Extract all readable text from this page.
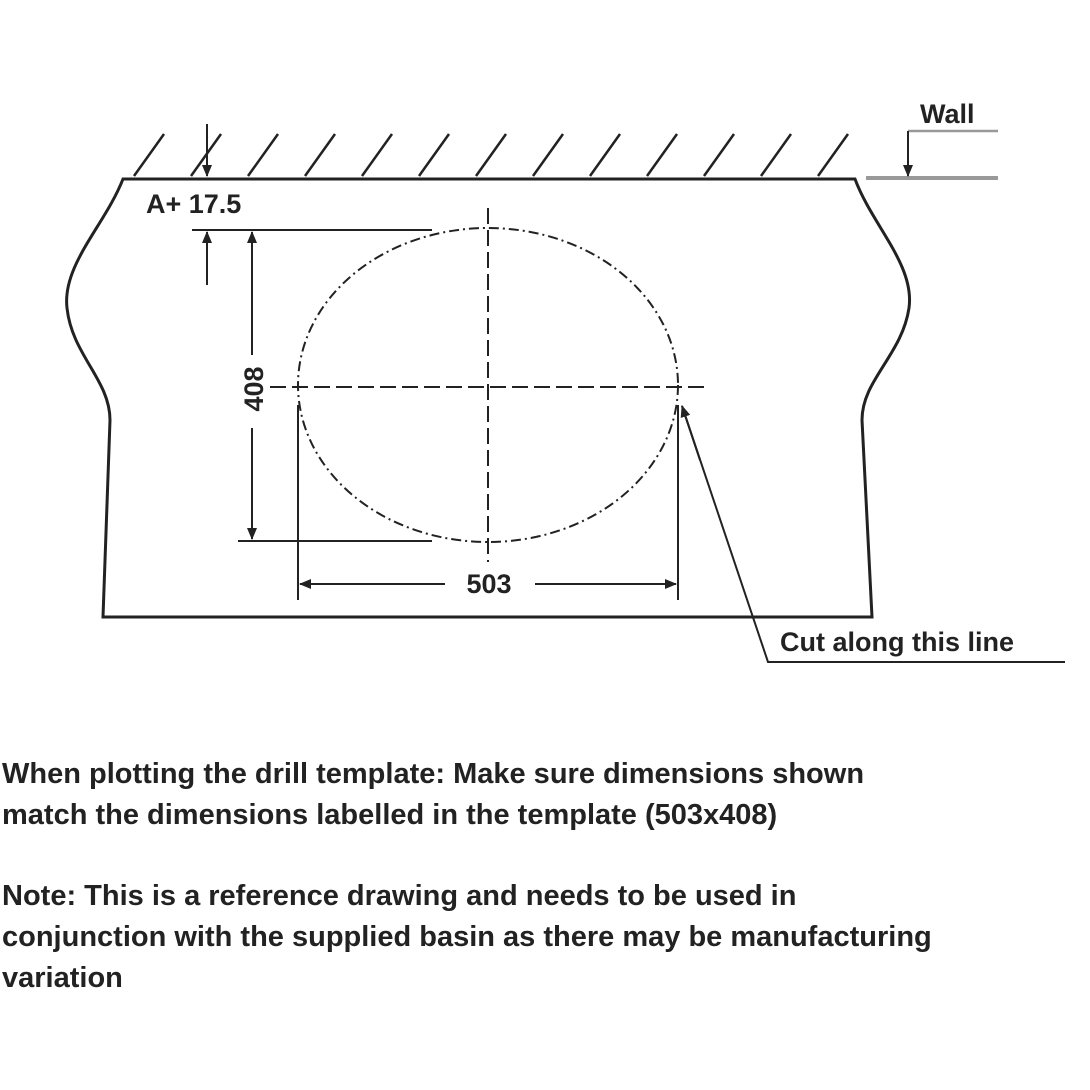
Wall
A+ 17.5
408
503
Cut along this line

When plotting the drill template: Make sure dimensions shown
match the dimensions labelled in the template (503x408)

Note: This is a reference drawing and needs to be used in
conjunction with the supplied basin as there may be manufacturing
variation
